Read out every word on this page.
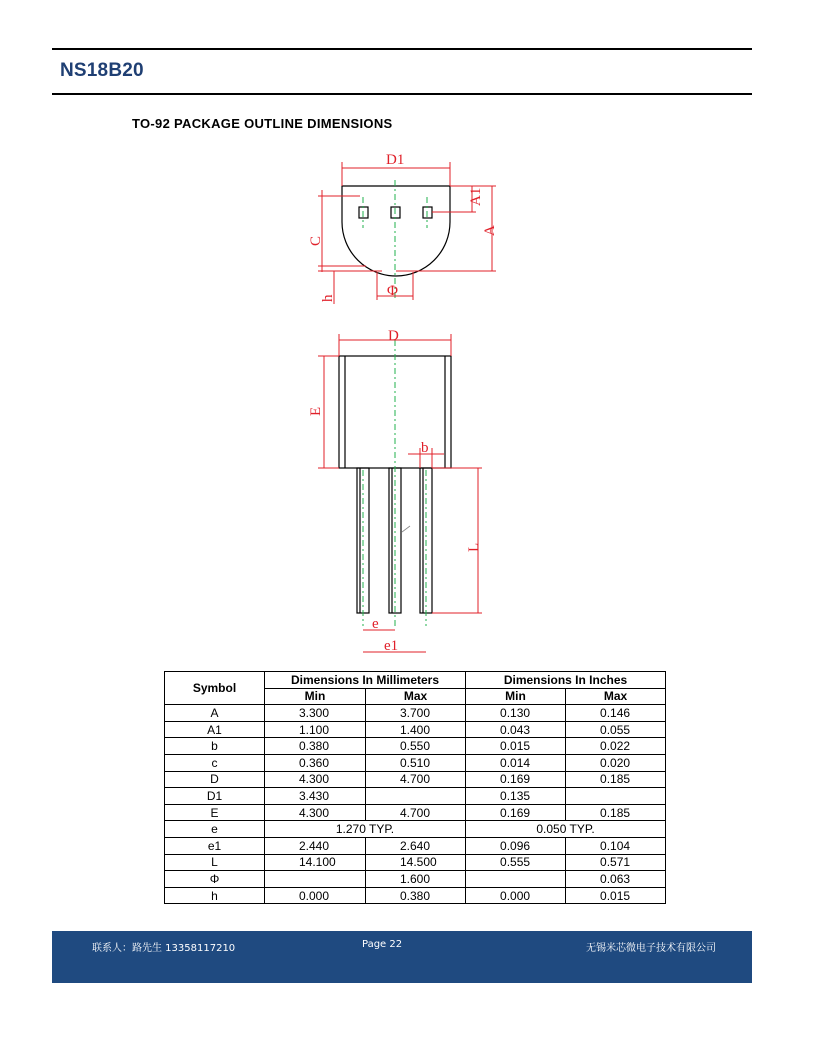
NS18B20
TO-92 PACKAGE OUTLINE DIMENSIONS
D1
A1
A
C
h	Φ
D
E
b
L
e
e1
Symbol	Dimensions In Millimeters		Dimensions In Inches	
	Min	Max	Min	Max
A	3.300	3.700	0.130	0.146
A1	1.100	1.400	0.043	0.055
b	0.380	0.550	0.015	0.022
c	0.360	0.510	0.014	0.020
D	4.300	4.700	0.169	0.185
D1	3.430		0.135	
E	4.300	4.700	0.169	0.185
e	1.270 TYP.		0.050 TYP.	
e1	2.440	2.640	0.096	0.104
L	14.100	14.500	0.555	0.571
Φ		1.600		0.063
h	0.000	0.380	0.000	0.015
联系人：路先生 13358117210	Page 22	无锡米芯微电子技术有限公司
